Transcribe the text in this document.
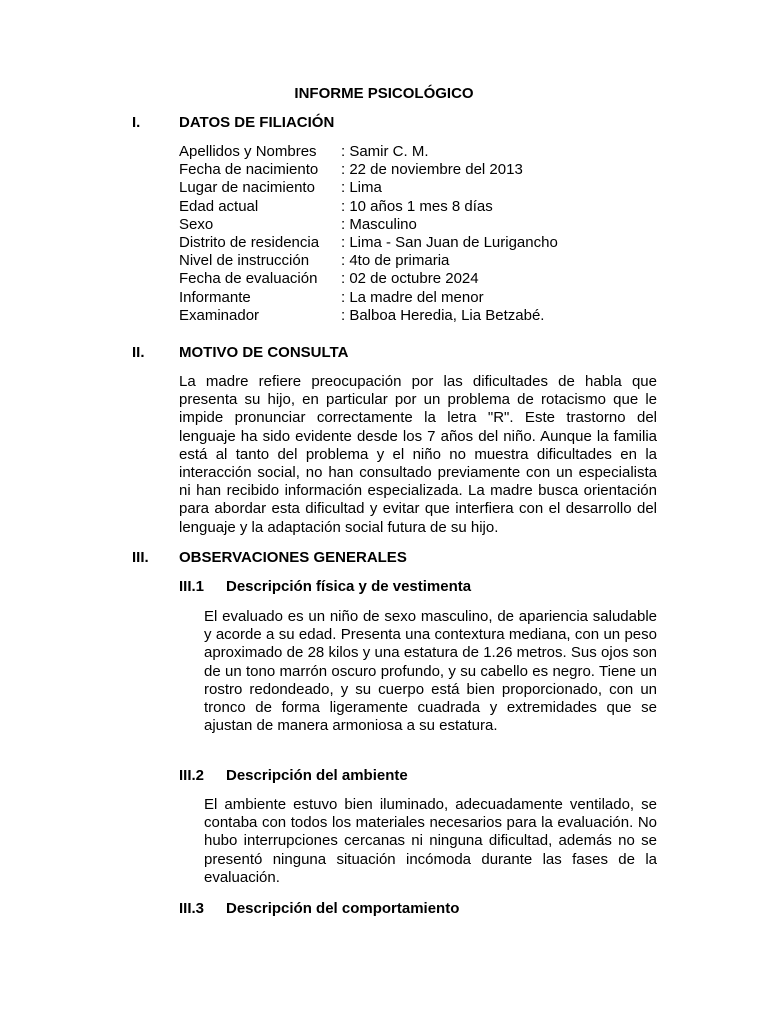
INFORME PSICOLÓGICO
I.	DATOS DE FILIACIÓN
Apellidos y Nombres	: Samir C. M.
Fecha de nacimiento	: 22 de noviembre del 2013
Lugar de nacimiento	: Lima
Edad actual	: 10 años 1 mes 8 días
Sexo	: Masculino
Distrito de residencia	: Lima - San Juan de Lurigancho
Nivel de instrucción	: 4to de primaria
Fecha de evaluación	: 02 de octubre 2024
Informante	: La madre del menor
Examinador	: Balboa Heredia, Lia Betzabé.
II. MOTIVO DE CONSULTA

La madre refiere preocupación por las dificultades de habla que presenta su hijo, en particular por un problema de rotacismo que le impide pronunciar correctamente la letra "R". Este trastorno del lenguaje ha sido evidente desde los 7 años del niño. Aunque la familia está al tanto del problema y el niño no muestra dificultades en la interacción social, no han consultado previamente con un especialista ni han recibido información especializada. La madre busca orientación para abordar esta dificultad y evitar que interfiera con el desarrollo del lenguaje y la adaptación social futura de su hijo.

III. OBSERVACIONES GENERALES
III.1 Descripción física y de vestimenta

El evaluado es un niño de sexo masculino, de apariencia saludable y acorde a su edad. Presenta una contextura mediana, con un peso aproximado de 28 kilos y una estatura de 1.26 metros. Sus ojos son de un tono marrón oscuro profundo, y su cabello es negro. Tiene un rostro redondeado, y su cuerpo está bien proporcionado, con un tronco de forma ligeramente cuadrada y extremidades que se ajustan de manera armoniosa a su estatura.

III.2 Descripción del ambiente

El ambiente estuvo bien iluminado, adecuadamente ventilado, se contaba con todos los materiales necesarios para la evaluación. No hubo interrupciones cercanas ni ninguna dificultad, además no se presentó ninguna situación incómoda durante las fases de la evaluación.

III.3 Descripción del comportamiento
